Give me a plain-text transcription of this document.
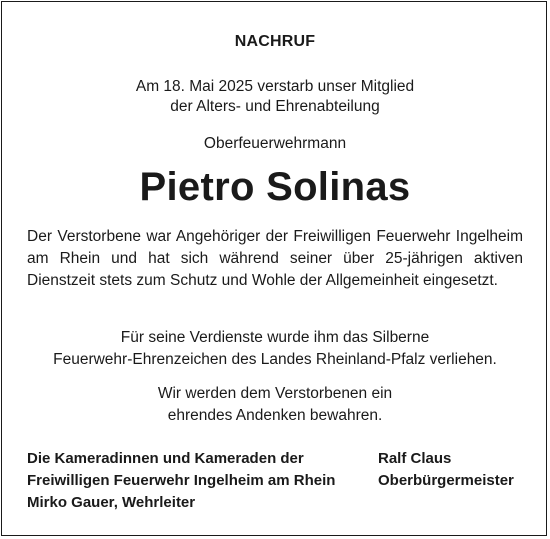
NACHRUF
Am 18. Mai 2025 verstarb unser Mitglied
der Alters- und Ehrenabteilung
Oberfeuerwehrmann
Pietro Solinas
Der Verstorbene war Angehöriger der Freiwilligen Feuerwehr Ingelheim am Rhein und hat sich während seiner über 25-jährigen aktiven Dienstzeit stets zum Schutz und Wohle der Allgemeinheit eingesetzt.
Für seine Verdienste wurde ihm das Silberne
Feuerwehr-Ehrenzeichen des Landes Rheinland-Pfalz verliehen.
Wir werden dem Verstorbenen ein
ehrendes Andenken bewahren.
Die Kameradinnen und Kameraden der
Freiwilligen Feuerwehr Ingelheim am Rhein
Mirko Gauer, Wehrleiter
Ralf Claus
Oberbürgermeister
